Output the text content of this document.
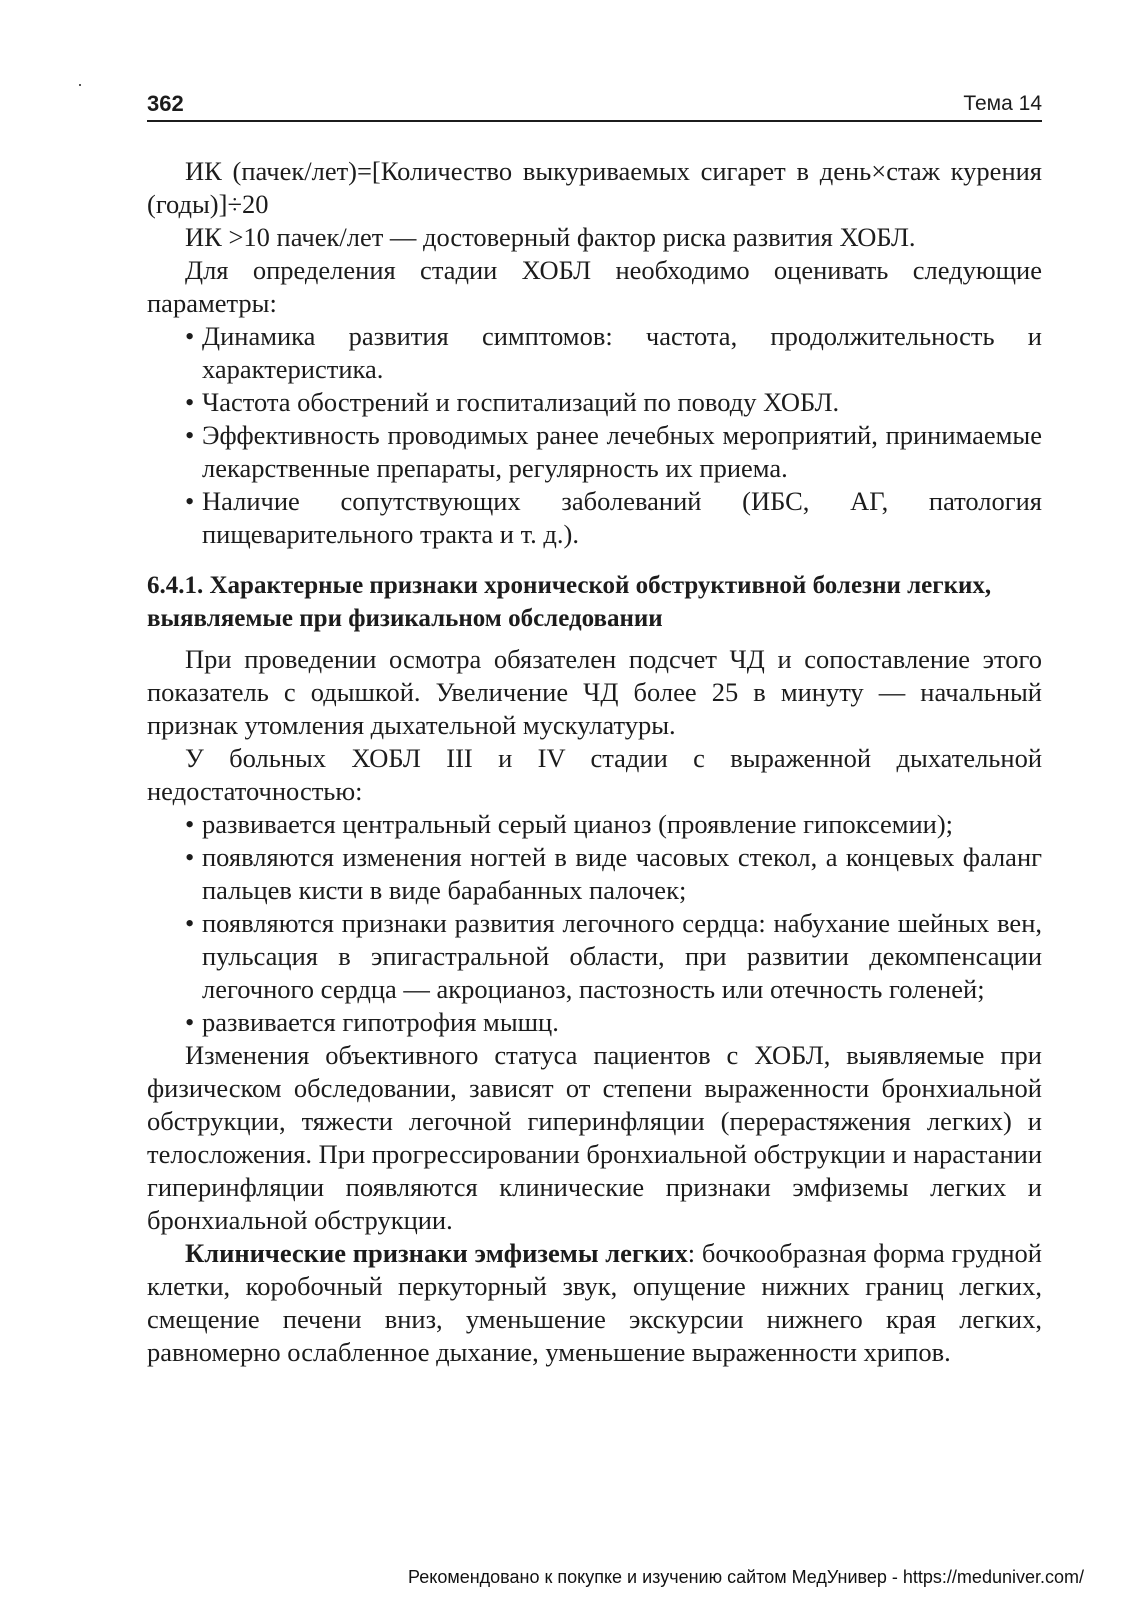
362	Тема 14

ИК (пачек/лет)=[Количество выкуриваемых сигарет в день×стаж курения (годы)]÷20

ИК >10 пачек/лет — достоверный фактор риска развития ХОБЛ.

Для определения стадии ХОБЛ необходимо оценивать следующие параметры:

• Динамика развития симптомов: частота, продолжительность и характеристика.
• Частота обострений и госпитализаций по поводу ХОБЛ.
• Эффективность проводимых ранее лечебных мероприятий, принимаемые лекарственные препараты, регулярность их приема.
• Наличие сопутствующих заболеваний (ИБС, АГ, патология пищеварительного тракта и т. д.).
6.4.1. Характерные признаки хронической обструктивной болезни легких, выявляемые при физикальном обследовании

При проведении осмотра обязателен подсчет ЧД и сопоставление этого показатель с одышкой. Увеличение ЧД более 25 в минуту — начальный признак утомления дыхательной мускулатуры.

У больных ХОБЛ III и IV стадии с выраженной дыхательной недостаточностью:

• развивается центральный серый цианоз (проявление гипоксемии);
• появляются изменения ногтей в виде часовых стекол, а концевых фаланг пальцев кисти в виде барабанных палочек;
• появляются признаки развития легочного сердца: набухание шейных вен, пульсация в эпигастральной области, при развитии декомпенсации легочного сердца — акроцианоз, пастозность или отечность голеней;
• развивается гипотрофия мышц.

Изменения объективного статуса пациентов с ХОБЛ, выявляемые при физическом обследовании, зависят от степени выраженности бронхиальной обструкции, тяжести легочной гиперинфляции (перерастяжения легких) и телосложения. При прогрессировании бронхиальной обструкции и нарастании гиперинфляции появляются клинические признаки эмфиземы легких и бронхиальной обструкции.

Клинические признаки эмфиземы легких: бочкообразная форма грудной клетки, коробочный перкуторный звук, опущение нижних границ легких, смещение печени вниз, уменьшение экскурсии нижнего края легких, равномерно ослабленное дыхание, уменьшение выраженности хрипов.

Рекомендовано к покупке и изучению сайтом МедУнивер - https://meduniver.com/
